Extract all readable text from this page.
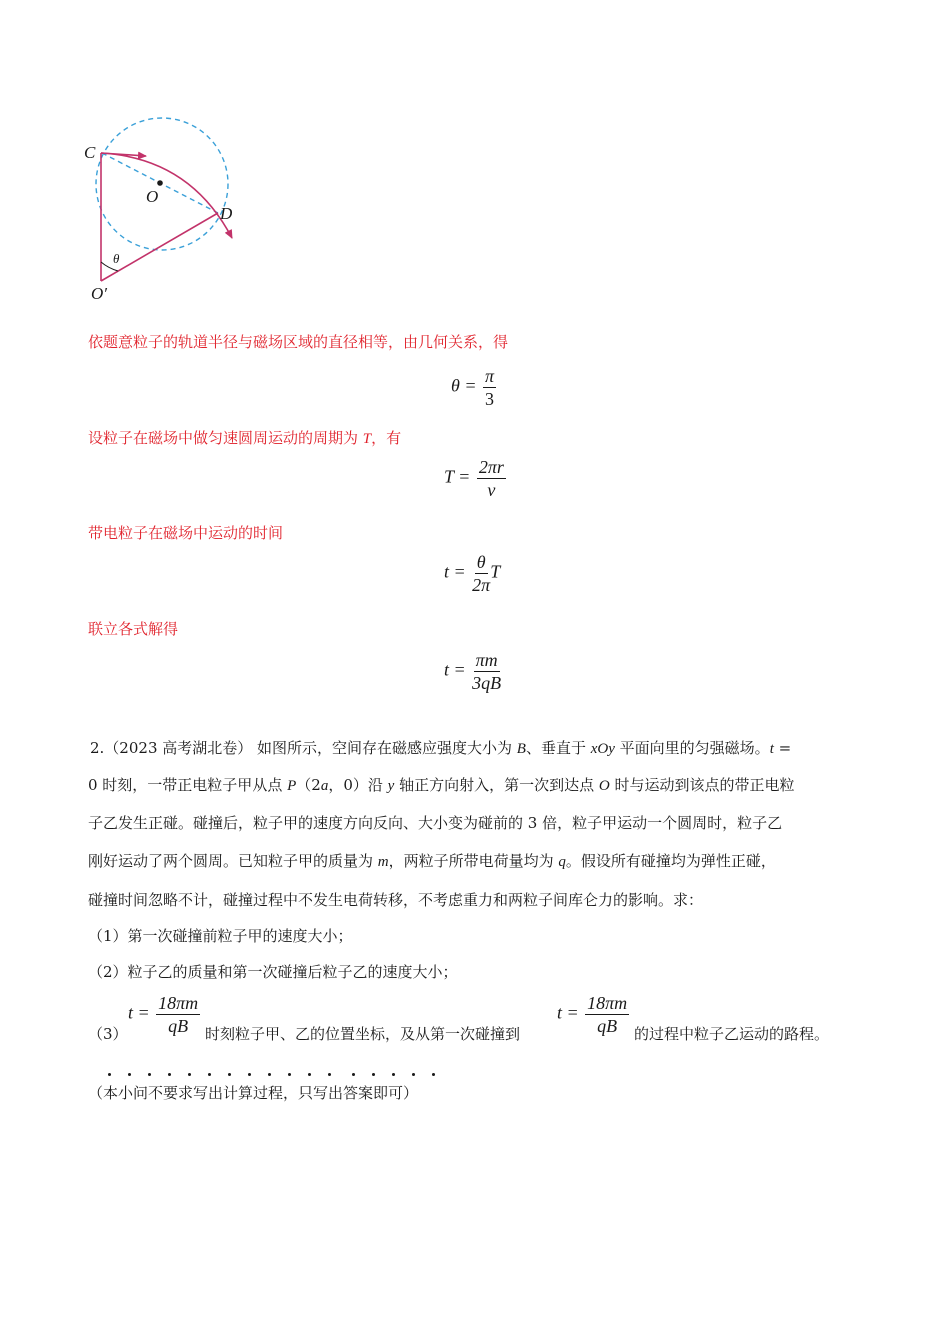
C
O
D
θ
O′
依题意粒子的轨道半径与磁场区域的直径相等，由几何关系，得
$\theta = \frac{\pi}{3}$
设粒子在磁场中做匀速圆周运动的周期为 T，有
$T = \frac{2\pi r}{v}$
带电粒子在磁场中运动的时间
$t = \frac{\theta}{2\pi}$ T
联立各式解得
$t = \frac{\pi m}{3qB}$
2.（2023 高考湖北卷） 如图所示，空间存在磁感应强度大小为 B、垂直于 xOy 平面向里的匀强磁场。t =
0 时刻，一带正电粒子甲从点 P（2a，0）沿 y 轴正方向射入，第一次到达点 O 时与运动到该点的带正电粒
子乙发生正碰。碰撞后，粒子甲的速度方向反向、大小变为碰前的 3 倍，粒子甲运动一个圆周时，粒子乙
刚好运动了两个圆周。已知粒子甲的质量为 m，两粒子所带电荷量均为 q。假设所有碰撞均为弹性正碰，
碰撞时间忽略不计，碰撞过程中不发生电荷转移，不考虑重力和两粒子间库仑力的影响。求：
（1）第一次碰撞前粒子甲的速度大小；
（2）粒子乙的质量和第一次碰撞后粒子乙的速度大小；
（3）
$t = \frac{18\pi m}{qB}$ 时刻粒子甲、乙的位置坐标，及从第一次碰撞到
$t = \frac{18\pi m}{qB}$ 的过程中粒子乙运动的路程。
（本小问不要求写出计算过程，只写出答案即可）
